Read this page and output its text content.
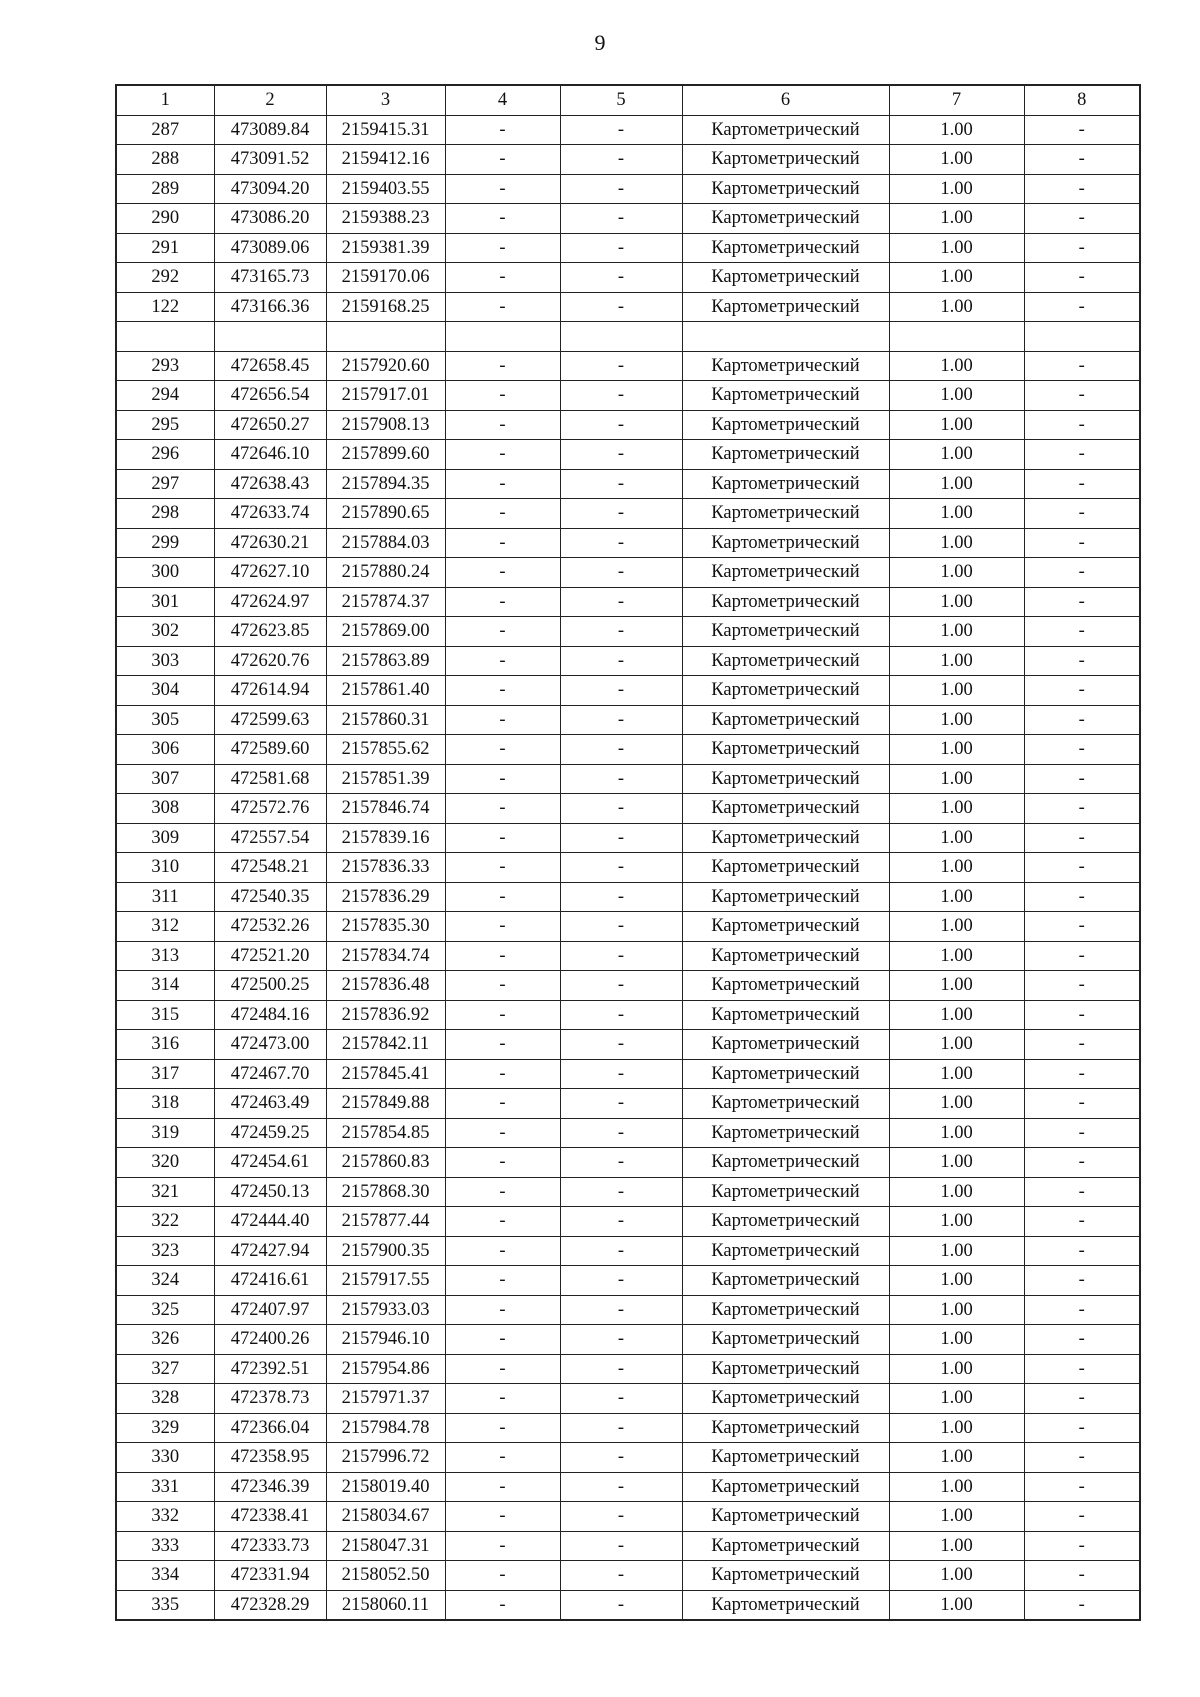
9
1	2	3	4	5	6	7	8
287	473089.84	2159415.31	-	-	Картометрический	1.00	-
288	473091.52	2159412.16	-	-	Картометрический	1.00	-
289	473094.20	2159403.55	-	-	Картометрический	1.00	-
290	473086.20	2159388.23	-	-	Картометрический	1.00	-
291	473089.06	2159381.39	-	-	Картометрический	1.00	-
292	473165.73	2159170.06	-	-	Картометрический	1.00	-
122	473166.36	2159168.25	-	-	Картометрический	1.00	-

293	472658.45	2157920.60	-	-	Картометрический	1.00	-
294	472656.54	2157917.01	-	-	Картометрический	1.00	-
295	472650.27	2157908.13	-	-	Картометрический	1.00	-
296	472646.10	2157899.60	-	-	Картометрический	1.00	-
297	472638.43	2157894.35	-	-	Картометрический	1.00	-
298	472633.74	2157890.65	-	-	Картометрический	1.00	-
299	472630.21	2157884.03	-	-	Картометрический	1.00	-
300	472627.10	2157880.24	-	-	Картометрический	1.00	-
301	472624.97	2157874.37	-	-	Картометрический	1.00	-
302	472623.85	2157869.00	-	-	Картометрический	1.00	-
303	472620.76	2157863.89	-	-	Картометрический	1.00	-
304	472614.94	2157861.40	-	-	Картометрический	1.00	-
305	472599.63	2157860.31	-	-	Картометрический	1.00	-
306	472589.60	2157855.62	-	-	Картометрический	1.00	-
307	472581.68	2157851.39	-	-	Картометрический	1.00	-
308	472572.76	2157846.74	-	-	Картометрический	1.00	-
309	472557.54	2157839.16	-	-	Картометрический	1.00	-
310	472548.21	2157836.33	-	-	Картометрический	1.00	-
311	472540.35	2157836.29	-	-	Картометрический	1.00	-
312	472532.26	2157835.30	-	-	Картометрический	1.00	-
313	472521.20	2157834.74	-	-	Картометрический	1.00	-
314	472500.25	2157836.48	-	-	Картометрический	1.00	-
315	472484.16	2157836.92	-	-	Картометрический	1.00	-
316	472473.00	2157842.11	-	-	Картометрический	1.00	-
317	472467.70	2157845.41	-	-	Картометрический	1.00	-
318	472463.49	2157849.88	-	-	Картометрический	1.00	-
319	472459.25	2157854.85	-	-	Картометрический	1.00	-
320	472454.61	2157860.83	-	-	Картометрический	1.00	-
321	472450.13	2157868.30	-	-	Картометрический	1.00	-
322	472444.40	2157877.44	-	-	Картометрический	1.00	-
323	472427.94	2157900.35	-	-	Картометрический	1.00	-
324	472416.61	2157917.55	-	-	Картометрический	1.00	-
325	472407.97	2157933.03	-	-	Картометрический	1.00	-
326	472400.26	2157946.10	-	-	Картометрический	1.00	-
327	472392.51	2157954.86	-	-	Картометрический	1.00	-
328	472378.73	2157971.37	-	-	Картометрический	1.00	-
329	472366.04	2157984.78	-	-	Картометрический	1.00	-
330	472358.95	2157996.72	-	-	Картометрический	1.00	-
331	472346.39	2158019.40	-	-	Картометрический	1.00	-
332	472338.41	2158034.67	-	-	Картометрический	1.00	-
333	472333.73	2158047.31	-	-	Картометрический	1.00	-
334	472331.94	2158052.50	-	-	Картометрический	1.00	-
335	472328.29	2158060.11	-	-	Картометрический	1.00	-
